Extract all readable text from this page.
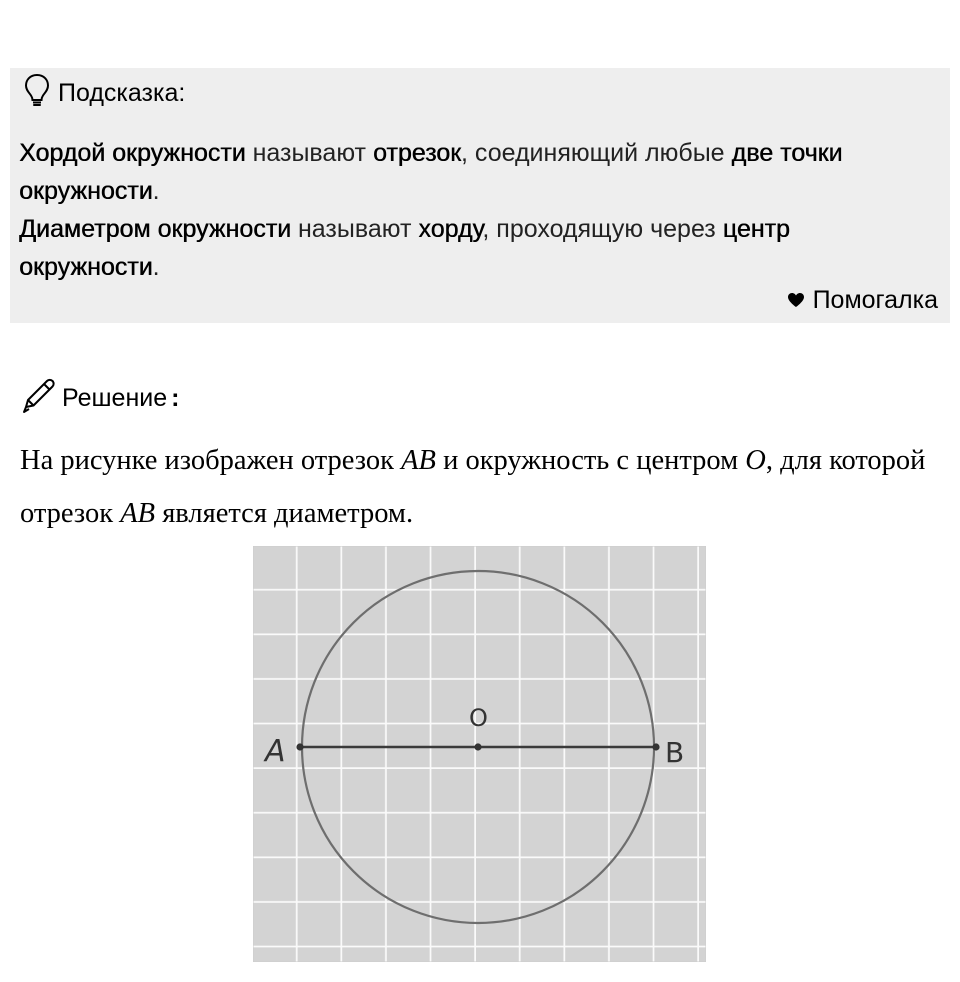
Подсказка:
Хордой окружности называют отрезок, соединяющий любые две точки окружности.
Диаметром окружности называют хорду, проходящую через центр окружности.
Помогалка
Решение :
На рисунке изображен отрезок AB и окружность с центром O, для которой отрезок AB является диаметром.
A
O
B
